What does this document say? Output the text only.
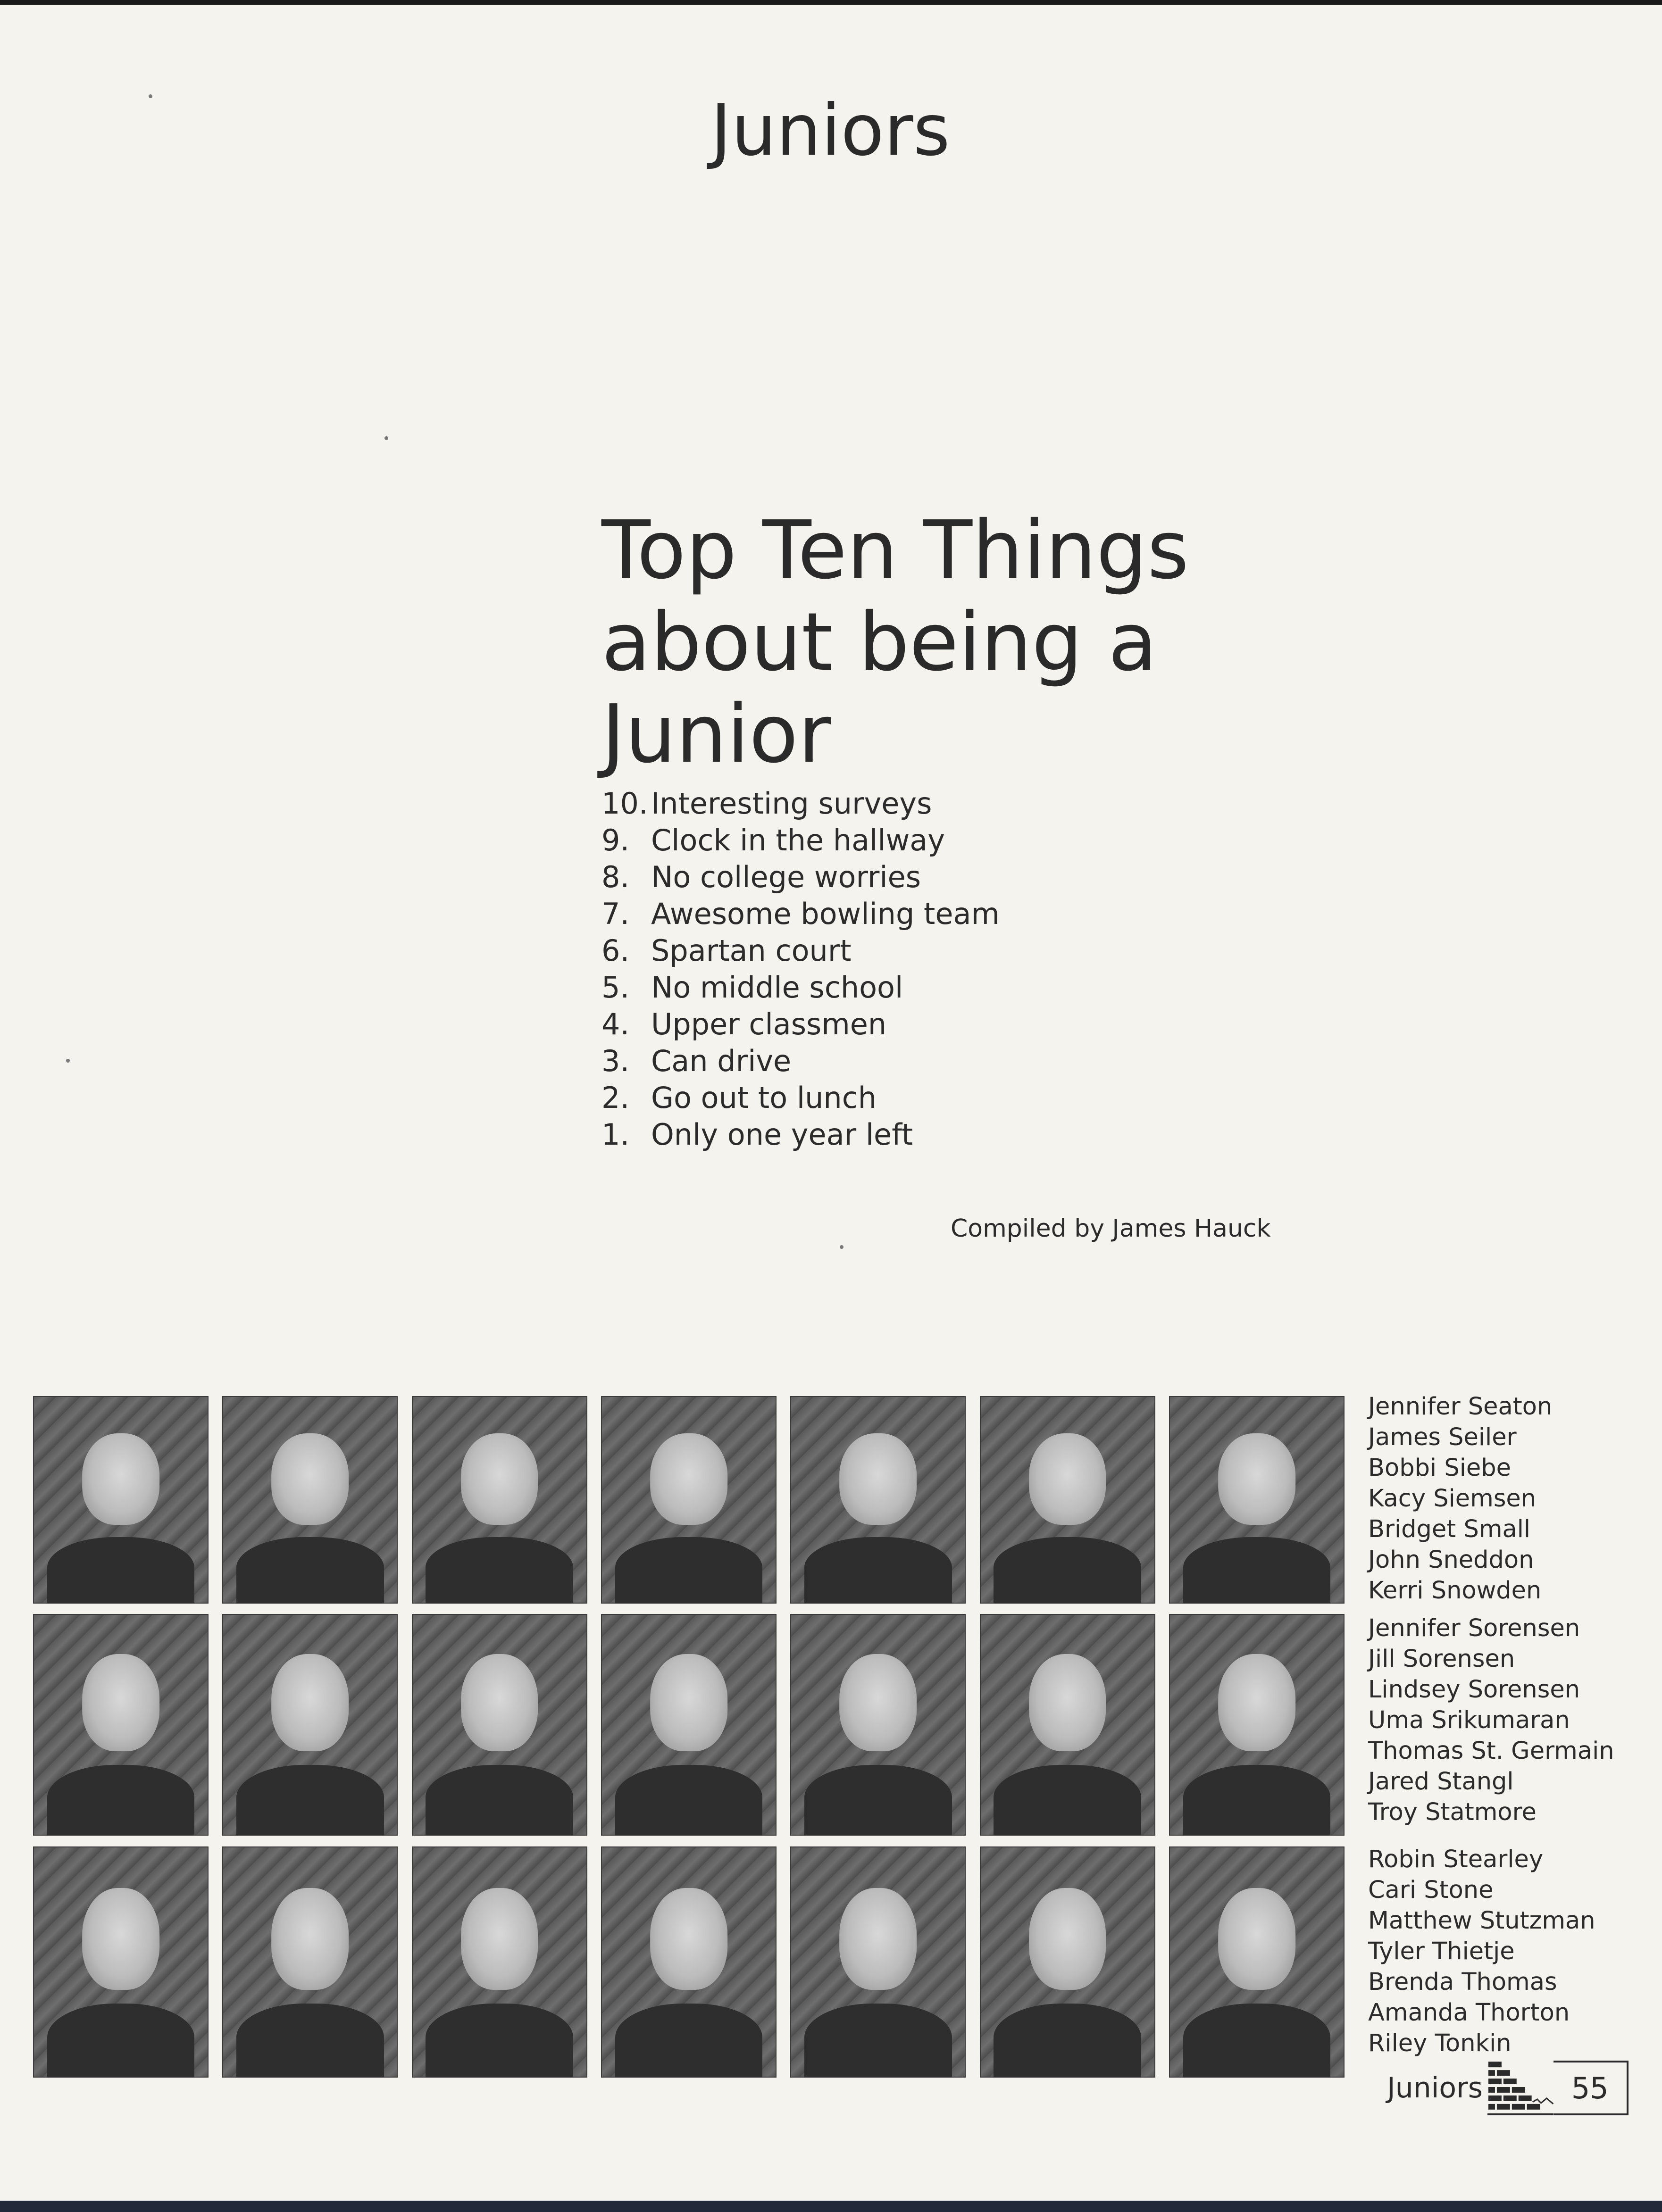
Juniors
Top Ten Things about being a Junior
10. Interesting surveys
9. Clock in the hallway
8. No college worries
7. Awesome bowling team
6. Spartan court
5. No middle school
4. Upper classmen
3. Can drive
2. Go out to lunch
1. Only one year left
Compiled by James Hauck
Jennifer Seaton
James Seiler
Bobbi Siebe
Kacy Siemsen
Bridget Small
John Sneddon
Kerri Snowden
Jennifer Sorensen
Jill Sorensen
Lindsey Sorensen
Uma Srikumaran
Thomas St. Germain
Jared Stangl
Troy Statmore
Robin Stearley
Cari Stone
Matthew Stutzman
Tyler Thietje
Brenda Thomas
Amanda Thorton
Riley Tonkin
Juniors	55
